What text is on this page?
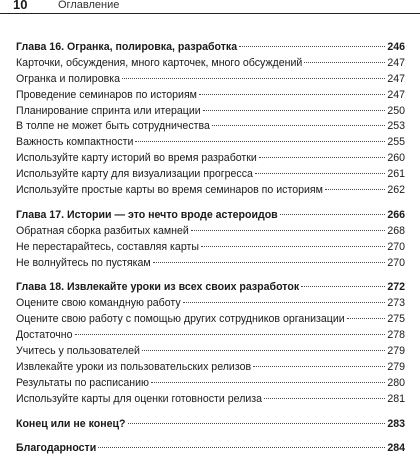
10	Оглавление
Глава 16. Огранка, полировка, разработка	246
Карточки, обсуждения, много карточек, много обсуждений	247
Огранка и полировка	247
Проведение семинаров по историям	247
Планирование спринта или итерации	250
В толпе не может быть сотрудничества	253
Важность компактности	255
Используйте карту историй во время разработки	260
Используйте карту для визуализации прогресса	261
Используйте простые карты во время семинаров по историям	262
Глава 17. Истории — это нечто вроде астероидов	266
Обратная сборка разбитых камней	268
Не перестарайтесь, составляя карты	270
Не волнуйтесь по пустякам	270
Глава 18. Извлекайте уроки из всех своих разработок	272
Оцените свою командную работу	273
Оцените свою работу с помощью других сотрудников организации	275
Достаточно	278
Учитесь у пользователей	279
Извлекайте уроки из пользовательских релизов	279
Результаты по расписанию	280
Используйте карты для оценки готовности релиза	281
Конец или не конец?	283
Благодарности	284
